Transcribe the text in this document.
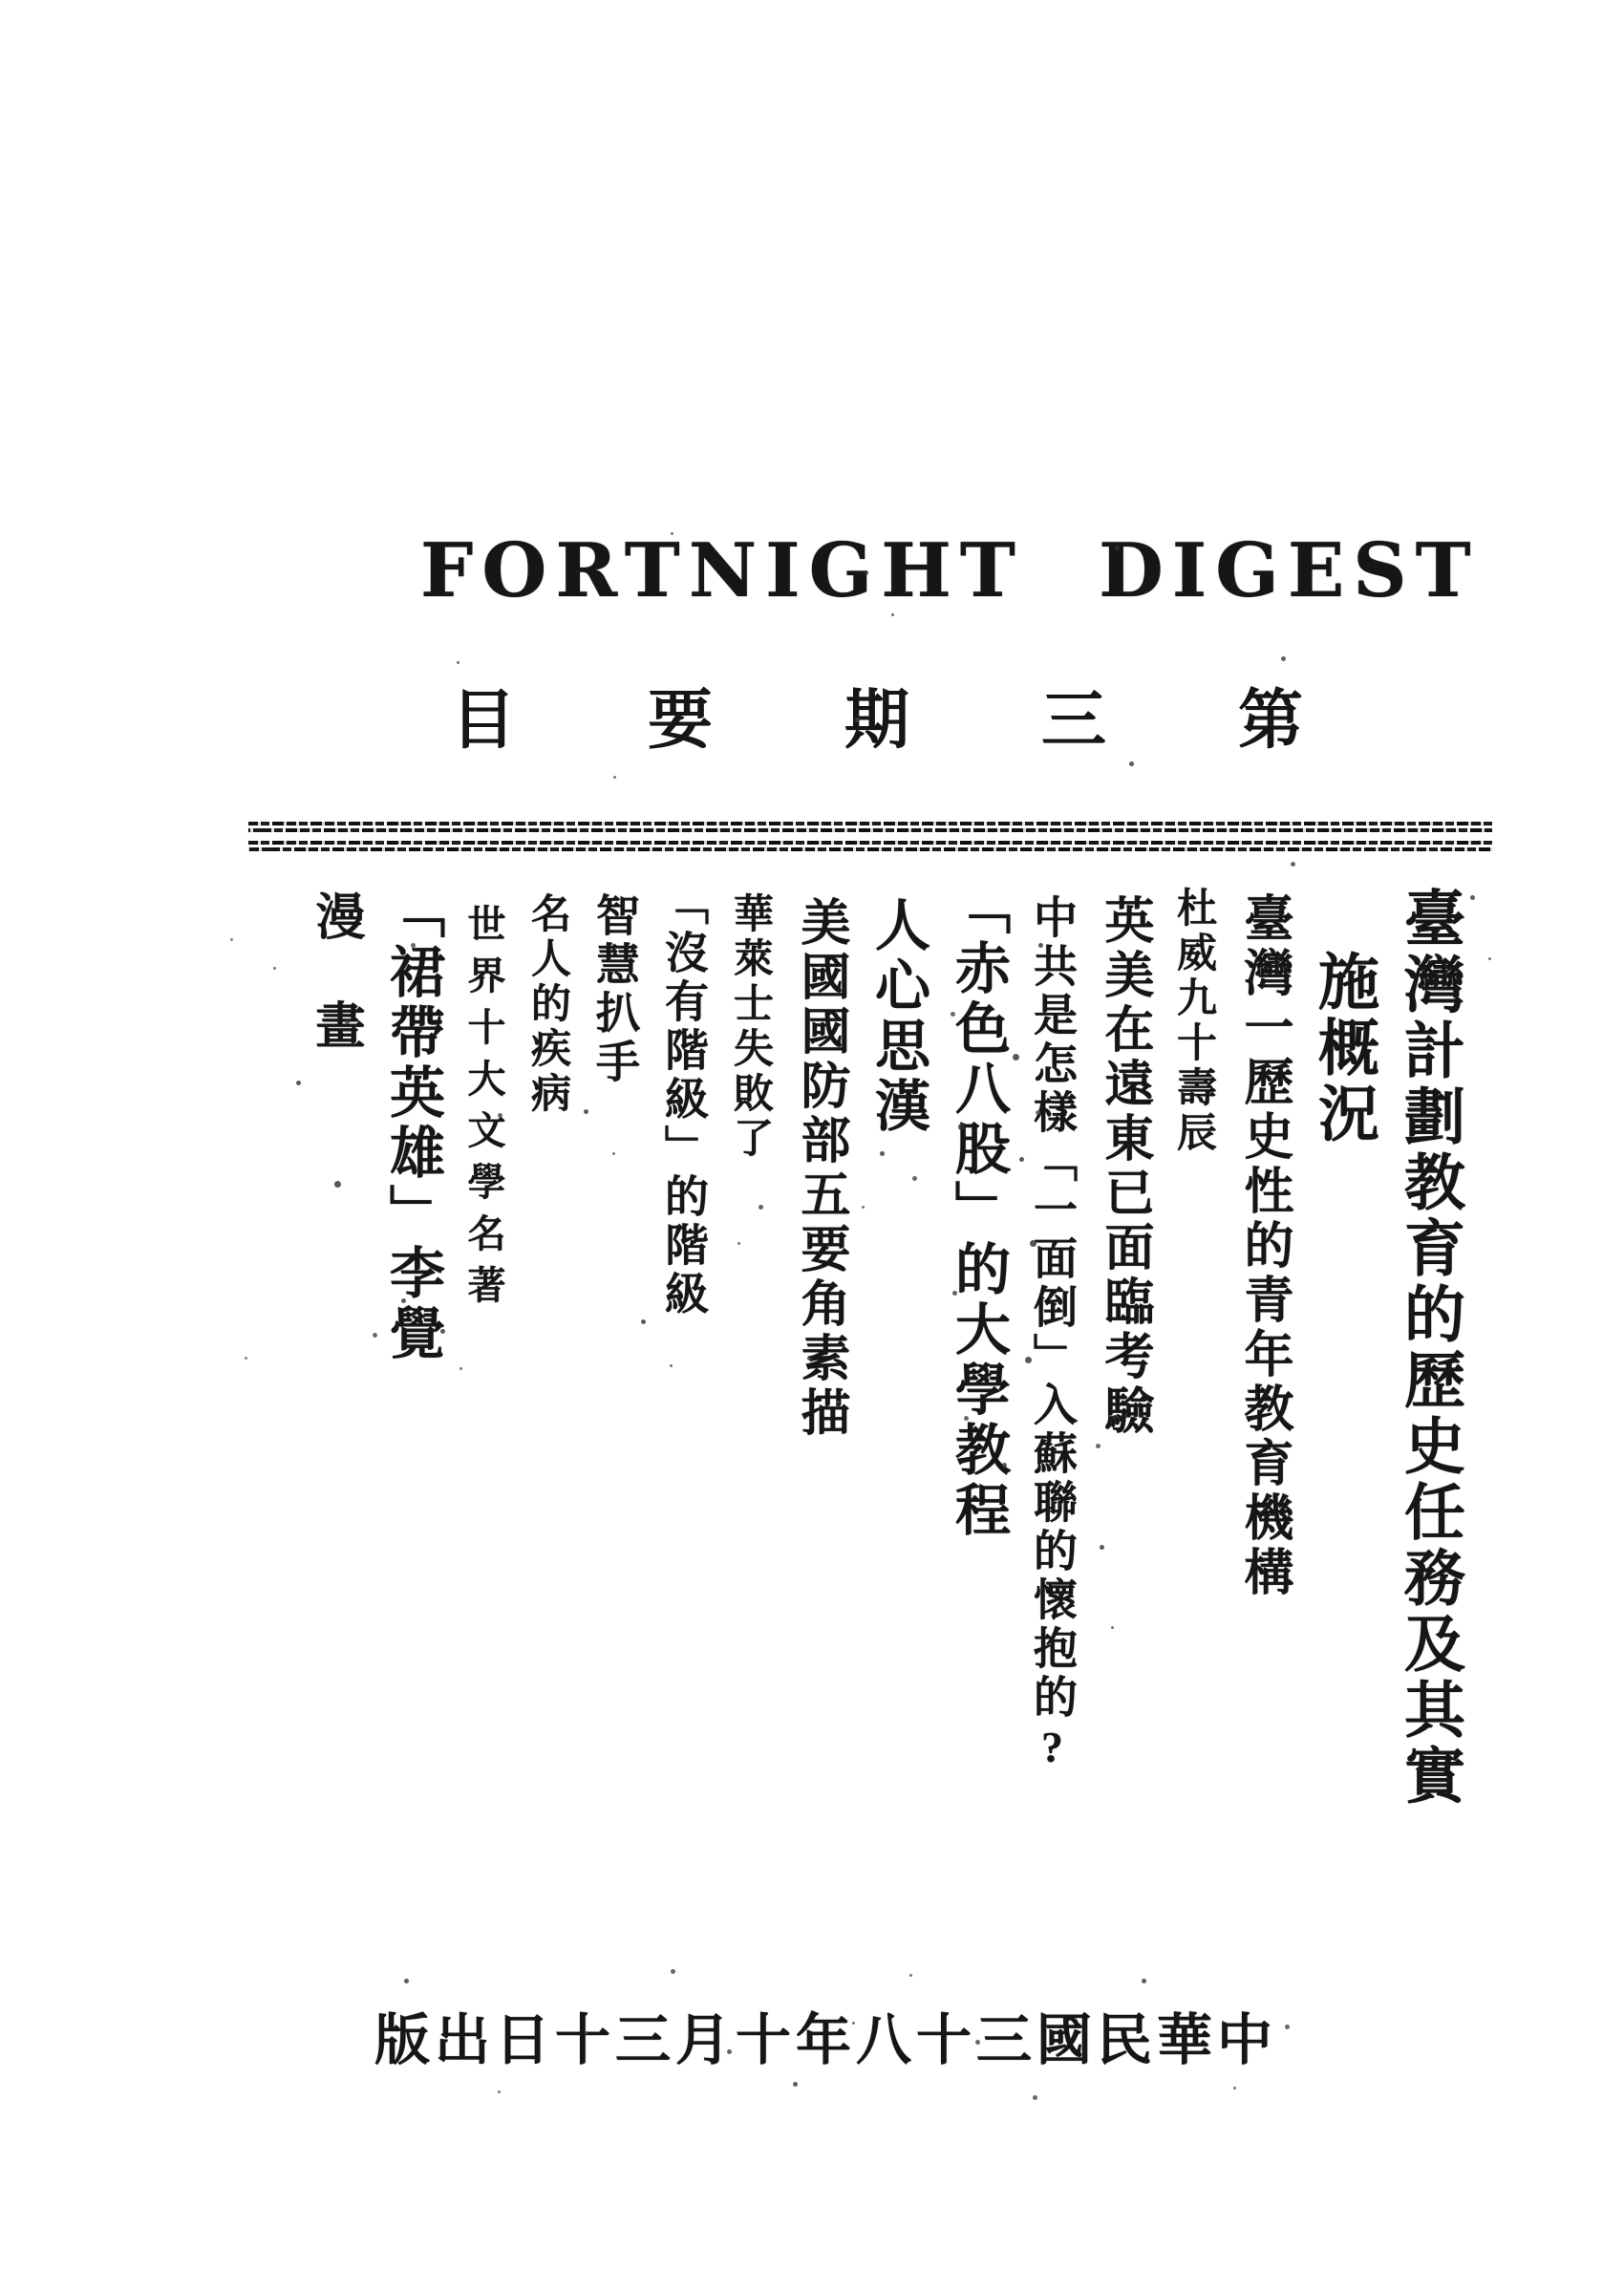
FORTNIGHT DIGEST
目要期三第
臺灣計劃教育的歷史任務及其實
施概況
臺灣一歷史性的青年教育機構
杜威九十壽辰
英美在遠東已面臨考驗
中共是怎樣「一面倒」入蘇聯的懷抱的?
「赤色八股」的大學教程
人心思漢
美國國防部五要角素描
華萊士失敗了
「沒有階級」的階級
智慧扒手
名人的疾病
世界十大文學名著
「裙帶英雄」李覺
漫　畫
版出日十三月十年八十三國民華中
